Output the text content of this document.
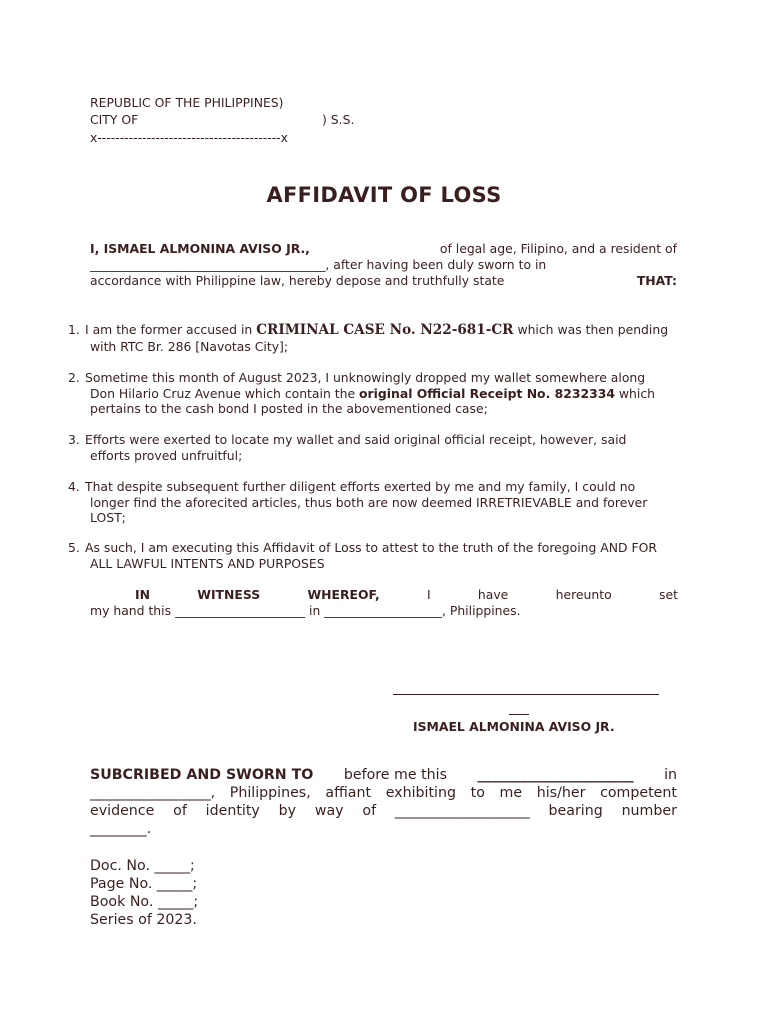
REPUBLIC OF THE PHILIPPINES)
CITY OF	) S.S.
x-----------------------------------------x
AFFIDAVIT OF LOSS
I, ISMAEL ALMONINA AVISO JR.,	of legal age, Filipino, and a resident of
______________________________________, after having been duly sworn to in
accordance with Philippine law, hereby depose and truthfully state	THAT:
1. I am the former accused in CRIMINAL CASE No. N22-681-CR which was then pending
with RTC Br. 286 [Navotas City];
2. Sometime this month of August 2023, I unknowingly dropped my wallet somewhere along
Don Hilario Cruz Avenue which contain the original Official Receipt No. 8232334 which
pertains to the cash bond I posted in the abovementioned case;
3. Efforts were exerted to locate my wallet and said original official receipt, however, said
efforts proved unfruitful;
4. That despite subsequent further diligent efforts exerted by me and my family, I could no
longer find the aforecited articles, thus both are now deemed IRRETRIEVABLE and forever
LOST;
5. As such, I am executing this Affidavit of Loss to attest to the truth of the foregoing AND FOR
ALL LAWFUL INTENTS AND PURPOSES
IN	WITNESS	WHEREOF,	I	have	hereunto	set
my hand this _____________________ in ___________________, Philippines.
ISMAEL ALMONINA AVISO JR.
SUBCRIBED AND SWORN TO before me this ______________________ in
_________________, Philippines, affiant exhibiting to me his/her competent
evidence of identity by way of ___________________ bearing number
________.
Doc. No. _____;
Page No. _____;
Book No. _____;
Series of 2023.
